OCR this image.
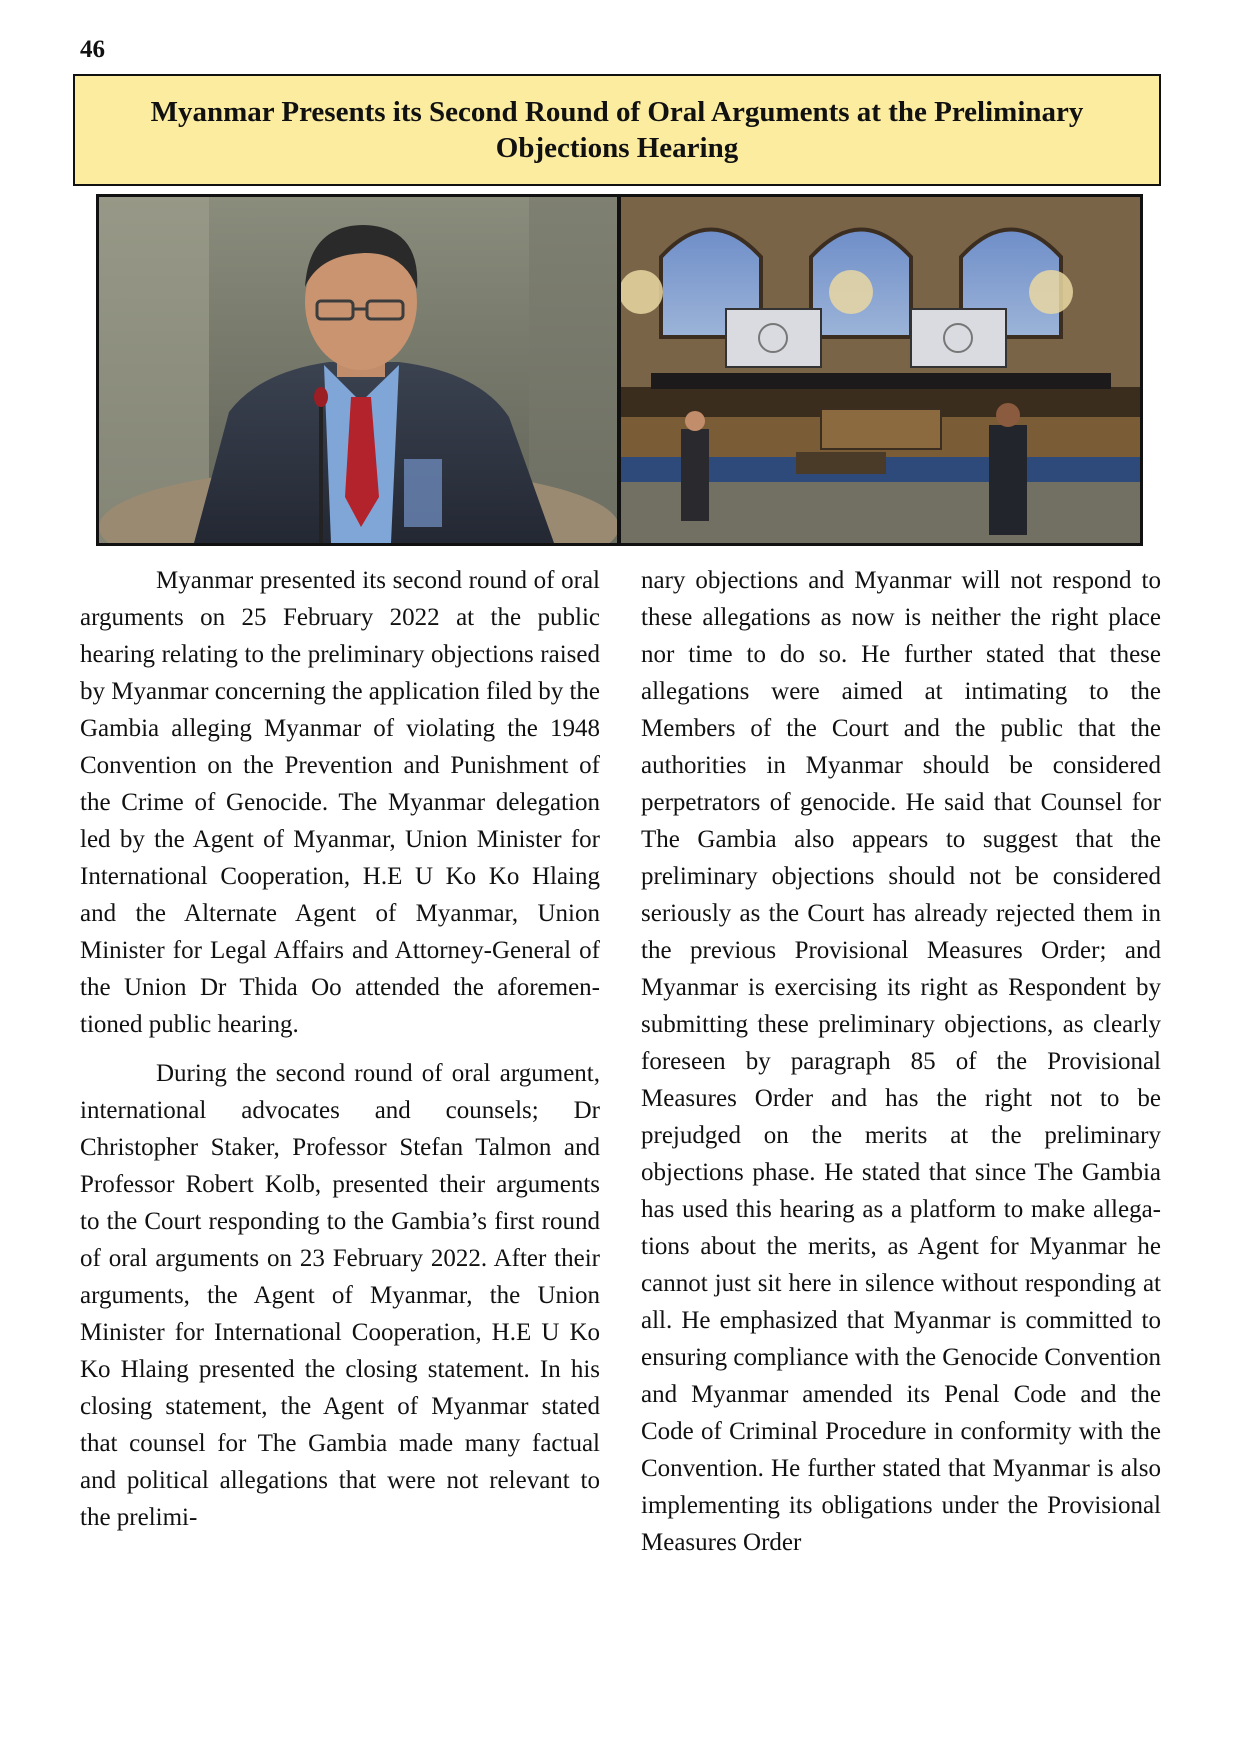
46
Myanmar Presents its Second Round of Oral Arguments at the Preliminary Objections Hearing

Myanmar presented its second round of oral arguments on 25 February 2022 at the public hearing relating to the preliminary objections raised by Myanmar concerning the application filed by the Gambia alleging Myanmar of violating the 1948 Convention on the Prevention and Punishment of the Crime of Genocide. The Myanmar delegation led by the Agent of Myanmar, Union Minister for International Cooperation, H.E U Ko Ko Hlaing and the Alternate Agent of Myanmar, Union Minister for Legal Affairs and Attorney-General of the Union Dr Thida Oo attended the aforementioned public hearing.

During the second round of oral argument, international advocates and counsels; Dr Christopher Staker, Professor Stefan Talmon and Professor Robert Kolb, presented their arguments to the Court responding to the Gambia’s first round of oral arguments on 23 February 2022. After their arguments, the Agent of Myanmar, the Union Minister for International Cooperation, H.E U Ko Ko Hlaing presented the closing statement. In his closing statement, the Agent of Myanmar stated that counsel for The Gambia made many factual and political allegations that were not relevant to the prelimi-

nary objections and Myanmar will not respond to these allegations as now is neither the right place nor time to do so. He further stated that these allegations were aimed at intimating to the Members of the Court and the public that the authorities in Myanmar should be considered perpetrators of genocide. He said that Counsel for The Gambia also appears to suggest that the preliminary objections should not be considered seriously as the Court has already rejected them in the previous Provisional Measures Order; and Myanmar is exercising its right as Respondent by submitting these preliminary objections, as clearly foreseen by paragraph 85 of the Provisional Measures Order and has the right not to be prejudged on the merits at the preliminary objections phase. He stated that since The Gambia has used this hearing as a platform to make allegations about the merits, as Agent for Myanmar he cannot just sit here in silence without responding at all. He emphasized that Myanmar is committed to ensuring compliance with the Genocide Convention and Myanmar amended its Penal Code and the Code of Criminal Procedure in conformity with the Convention. He further stated that Myanmar is also implementing its obligations under the Provisional Measures Order
